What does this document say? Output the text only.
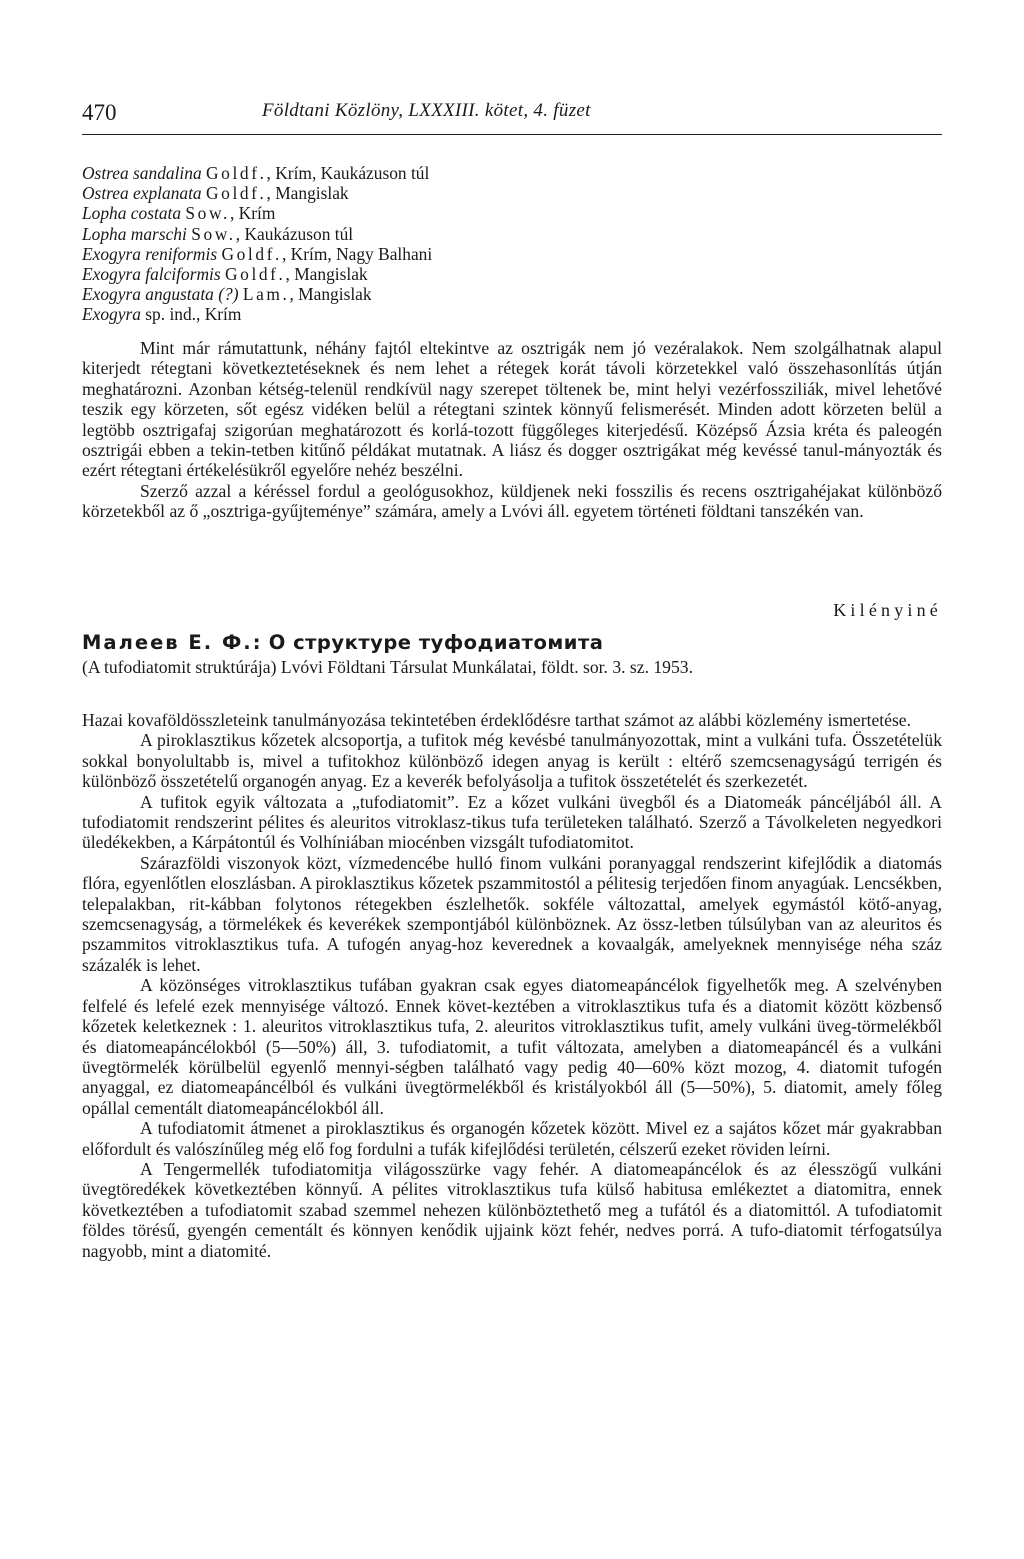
470	Földtani Közlöny, LXXXIII. kötet, 4. füzet
Ostrea sandalina Goldf., Krím, Kaukázuson túl
Ostrea explanata Goldf., Mangislak
Lopha costata Sow., Krím
Lopha marschi Sow., Kaukázuson túl
Exogyra reniformis Goldf., Krím, Nagy Balhani
Exogyra falciformis Goldf., Mangislak
Exogyra angustata (?) Lam., Mangislak
Exogyra sp. ind., Krím

Mint már rámutattunk, néhány fajtól eltekintve az osztrigák nem jó vezéralakok. Nem szolgálhatnak alapul kiterjedt rétegtani következtetéseknek és nem lehet a rétegek korát távoli körzetekkel való összehasonlítás útján meghatározni. Azonban kétség-telenül rendkívül nagy szerepet töltenek be, mint helyi vezérfossziliák, mivel lehetővé teszik egy körzeten, sőt egész vidéken belül a rétegtani szintek könnyű felismerését. Minden adott körzeten belül a legtöbb osztrigafaj szigorúan meghatározott és korlá-tozott függőleges kiterjedésű. Középső Ázsia kréta és paleogén osztrigái ebben a tekin-tetben kitűnő példákat mutatnak. A liász és dogger osztrigákat még kevéssé tanul-mányozták és ezért rétegtani értékelésükről egyelőre nehéz beszélni.

Szerző azzal a kéréssel fordul a geológusokhoz, küldjenek neki fosszilis és recens osztrigahéjakat különböző körzetekből az ő „osztriga-gyűjteménye” számára, amely a Lvóvi áll. egyetem történeti földtani tanszékén van.

Kilényiné
Малеев Е. Ф.: О структуре туфодиатомита
(A tufodiatomit struktúrája) Lvóvi Földtani Társulat Munkálatai, földt. sor. 3. sz. 1953.

Hazai kovaföldösszleteink tanulmányozása tekintetében érdeklődésre tarthat számot az alábbi közlemény ismertetése.

A piroklasztikus kőzetek alcsoportja, a tufitok még kevésbé tanulmányozottak, mint a vulkáni tufa. Összetételük sokkal bonyolultabb is, mivel a tufitokhoz különböző idegen anyag is került : eltérő szemcsenagyságú terrigén és különböző összetételű organogén anyag. Ez a keverék befolyásolja a tufitok összetételét és szerkezetét.

A tufitok egyik változata a „tufodiatomit”. Ez a kőzet vulkáni üvegből és a Diatomeák páncéljából áll. A tufodiatomit rendszerint pélites és aleuritos vitroklasz-tikus tufa területeken található. Szerző a Távolkeleten negyedkori üledékekben, a Kárpátontúl és Volhíniában miocénben vizsgált tufodiatomitot.

Szárazföldi viszonyok közt, vízmedencébe hulló finom vulkáni poranyaggal rendszerint kifejlődik a diatomás flóra, egyenlőtlen eloszlásban. A piroklasztikus kőzetek pszammitostól a pélitesig terjedően finom anyagúak. Lencsékben, telepalakban, rit-kábban folytonos rétegekben észlelhetők. sokféle változattal, amelyek egymástól kötő-anyag, szemcsenagyság, a törmelékek és keverékek szempontjából különböznek. Az össz-letben túlsúlyban van az aleuritos és pszammitos vitroklasztikus tufa. A tufogén anyag-hoz keverednek a kovaalgák, amelyeknek mennyisége néha száz százalék is lehet.

A közönséges vitroklasztikus tufában gyakran csak egyes diatomeapáncélok figyelhetők meg. A szelvényben felfelé és lefelé ezek mennyisége változó. Ennek követ-keztében a vitroklasztikus tufa és a diatomit között közbenső kőzetek keletkeznek : 1. aleuritos vitroklasztikus tufa, 2. aleuritos vitroklasztikus tufit, amely vulkáni üveg-törmelékből és diatomeapáncélokból (5—50%) áll, 3. tufodiatomit, a tufit változata, amelyben a diatomeapáncél és a vulkáni üvegtörmelék körülbelül egyenlő mennyi-ségben található vagy pedig 40—60% közt mozog, 4. diatomit tufogén anyaggal, ez diatomeapáncélból és vulkáni üvegtörmelékből és kristályokból áll (5—50%), 5. diatomit, amely főleg opállal cementált diatomeapáncélokból áll.

A tufodiatomit átmenet a piroklasztikus és organogén kőzetek között. Mivel ez a sajátos kőzet már gyakrabban előfordult és valószínűleg még elő fog fordulni a tufák kifejlődési területén, célszerű ezeket röviden leírni.

A Tengermellék tufodiatomitja világosszürke vagy fehér. A diatomeapáncélok és az élesszögű vulkáni üvegtöredékek következtében könnyű. A pélites vitroklasztikus tufa külső habitusa emlékeztet a diatomitra, ennek következtében a tufodiatomit szabad szemmel nehezen különböztethető meg a tufától és a diatomittól. A tufodiatomit földes törésű, gyengén cementált és könnyen kenődik ujjaink közt fehér, nedves porrá. A tufo-diatomit térfogatsúlya nagyobb, mint a diatomité.
